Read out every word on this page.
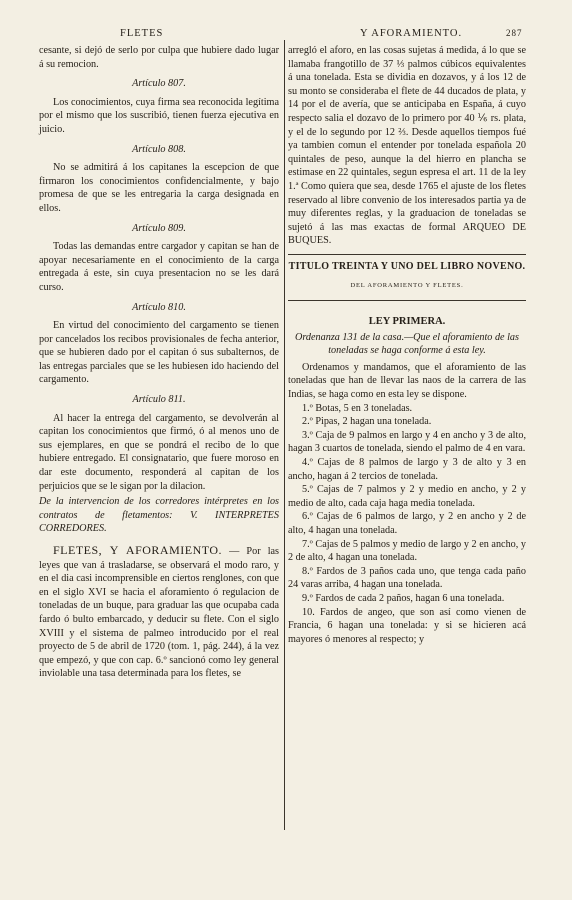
FLETES	Y AFORAMIENTO.	287

cesante, si dejó de serlo por culpa que hubiere dado lugar á su remocion.

Artículo 807.

Los conocimientos, cuya firma sea reconocida legítima por el mismo que los suscribió, tienen fuerza ejecutiva en juicio.

Artículo 808.

No se admitirá á los capitanes la escepcion de que firmaron los conocimientos confidencialmente, y bajo promesa de que se les entregaria la carga designada en ellos.

Artículo 809.

Todas las demandas entre cargador y capitan se han de apoyar necesariamente en el conocimiento de la carga entregada á este, sin cuya presentacion no se les dará curso.

Artículo 810.

En virtud del conocimiento del cargamento se tienen por cancelados los recibos provisionales de fecha anterior, que se hubieren dado por el capitan ó sus subalternos, de las entregas parciales que se les hubiesen ido haciendo del cargamento.

Artículo 811.

Al hacer la entrega del cargamento, se devolverán al capitan los conocimientos que firmó, ó al menos uno de sus ejemplares, en que se pondrá el recibo de lo que hubiere entregado. El consignatario, que fuere moroso en dar este documento, responderá al capitan de los perjuicios que se le sigan por la dilacion.

De la intervencion de los corredores intérpretes en los contratos de fletamentos: V. INTERPRETES CORREDORES.

FLETES, Y AFORAMIENTO. — Por las leyes que van á trasladarse, se observará el modo raro, y en el dia casi incomprensible en ciertos renglones, con que en el siglo XVI se hacia el aforamiento ó regulacion de toneladas de un buque, para graduar las que ocupaba cada fardo ó bulto embarcado, y deducir su flete. Con el siglo XVIII y el sistema de palmeo introducido por el real proyecto de 5 de abril de 1720 (tom. 1, pág. 244), á la vez que empezó, y que con cap. 6.º sancionó como ley general inviolable una tasa determinada para los fletes, se

arregló el aforo, en las cosas sujetas á medida, á lo que se llamaba frangotillo de 37 ⅓ palmos cúbicos equivalentes á una tonelada. Esta se dividia en dozavos, y á los 12 de su monto se consideraba el flete de 44 ducados de plata, y 14 por el de avería, que se anticipaba en España, á cuyo respecto salia el dozavo de lo primero por 40 ⅙ rs. plata, y el de lo segundo por 12 ⅔. Desde aquellos tiempos fué ya tambien comun el entender por tonelada española 20 quintales de peso, aunque la del hierro en plancha se estimase en 22 quintales, segun espresa el art. 11 de la ley 1.ª Como quiera que sea, desde 1765 el ajuste de los fletes reservado al libre convenio de los interesados partia ya de muy diferentes reglas, y la graduacion de toneladas se sujetó á las mas exactas de formal ARQUEO DE BUQUES.

TITULO TREINTA Y UNO DEL LIBRO NOVENO.

DEL AFORAMIENTO Y FLETES.

LEY PRIMERA.

Ordenanza 131 de la casa.—Que el aforamiento de las toneladas se haga conforme á esta ley.

Ordenamos y mandamos, que el aforamiento de las toneladas que han de llevar las naos de la carrera de las Indias, se haga como en esta ley se dispone.

1.º Botas, 5 en 3 toneladas.

2.º Pipas, 2 hagan una tonelada.

3.º Caja de 9 palmos en largo y 4 en ancho y 3 de alto, hagan 3 cuartos de tonelada, siendo el palmo de 4 en vara.

4.º Cajas de 8 palmos de largo y 3 de alto y 3 en ancho, hagan á 2 tercios de tonelada.

5.º Cajas de 7 palmos y 2 y medio en ancho, y 2 y medio de alto, cada caja haga media tonelada.

6.º Cajas de 6 palmos de largo, y 2 en ancho y 2 de alto, 4 hagan una tonelada.

7.º Cajas de 5 palmos y medio de largo y 2 en ancho, y 2 de alto, 4 hagan una tonelada.

8.º Fardos de 3 paños cada uno, que tenga cada paño 24 varas arriba, 4 hagan una tonelada.

9.º Fardos de cada 2 paños, hagan 6 una tonelada.

10. Fardos de angeo, que son así como vienen de Francia, 6 hagan una tonelada: y si se hicieren acá mayores ó menores al respecto; y
